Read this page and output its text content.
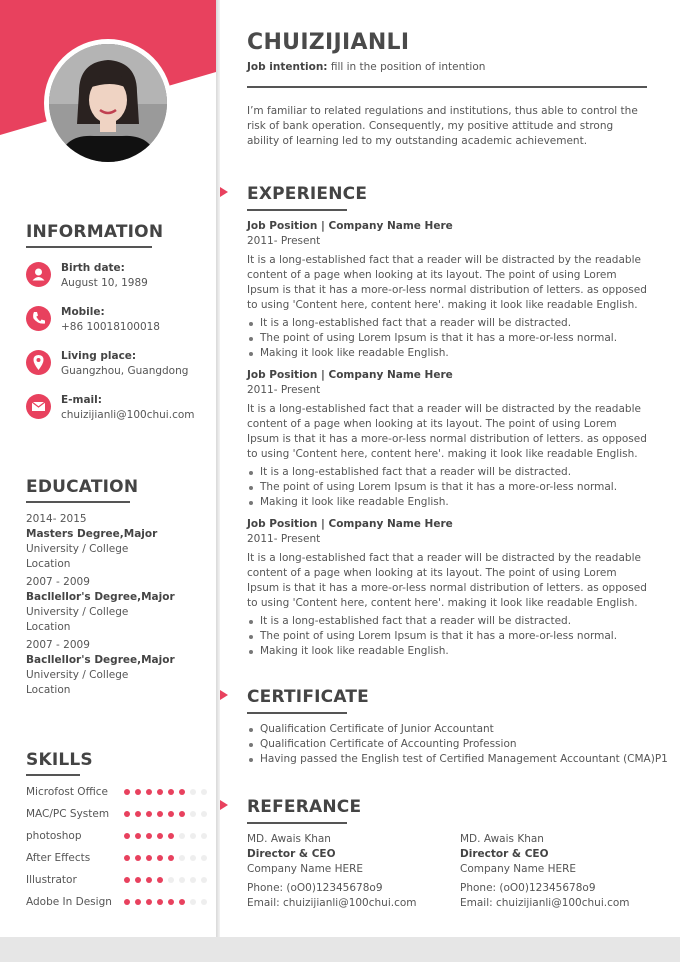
INFORMATION
Birth date:
August 10, 1989
Mobile:
+86 10018100018
Living place:
Guangzhou, Guangdong
E-mail:
chuizijianli@100chui.com
EDUCATION
2014- 2015
Masters Degree,Major
University / College
Location
2007 - 2009
Bacllellor's Degree,Major
University / College
Location
2007 - 2009
Bacllellor's Degree,Major
University / College
Location
SKILLS
Microfost Office
MAC/PC System
photoshop
After Effects
Illustrator
Adobe In Design
CHUIZIJIANLI
Job intention: fill in the position of intention
I’m familiar to related regulations and institutions, thus able to control the risk of bank operation. Consequently, my positive attitude and strong ability of learning led to my outstanding academic achievement.
EXPERIENCE
Job Position | Company Name Here
2011- Present
It is a long-established fact that a reader will be distracted by the readable content of a page when looking at its layout. The point of using Lorem Ipsum is that it has a more-or-less normal distribution of letters. as opposed to using 'Content here, content here'. making it look like readable English.
It is a long-established fact that a reader will be distracted.
The point of using Lorem Ipsum is that it has a more-or-less normal.
Making it look like readable English.
Job Position | Company Name Here
2011- Present
It is a long-established fact that a reader will be distracted by the readable content of a page when looking at its layout. The point of using Lorem Ipsum is that it has a more-or-less normal distribution of letters. as opposed to using 'Content here, content here'. making it look like readable English.
It is a long-established fact that a reader will be distracted.
The point of using Lorem Ipsum is that it has a more-or-less normal.
Making it look like readable English.
Job Position | Company Name Here
2011- Present
It is a long-established fact that a reader will be distracted by the readable content of a page when looking at its layout. The point of using Lorem Ipsum is that it has a more-or-less normal distribution of letters. as opposed to using 'Content here, content here'. making it look like readable English.
It is a long-established fact that a reader will be distracted.
The point of using Lorem Ipsum is that it has a more-or-less normal.
Making it look like readable English.
CERTIFICATE
Qualification Certificate of Junior Accountant
Qualification Certificate of Accounting Profession
Having passed the English test of Certified Management Accountant (CMA)P1
REFERANCE
MD. Awais Khan
Director & CEO
Company Name HERE
Phone: (oO0)12345678o9
Email: chuizijianli@100chui.com
MD. Awais Khan
Director & CEO
Company Name HERE
Phone: (oO0)12345678o9
Email: chuizijianli@100chui.com
